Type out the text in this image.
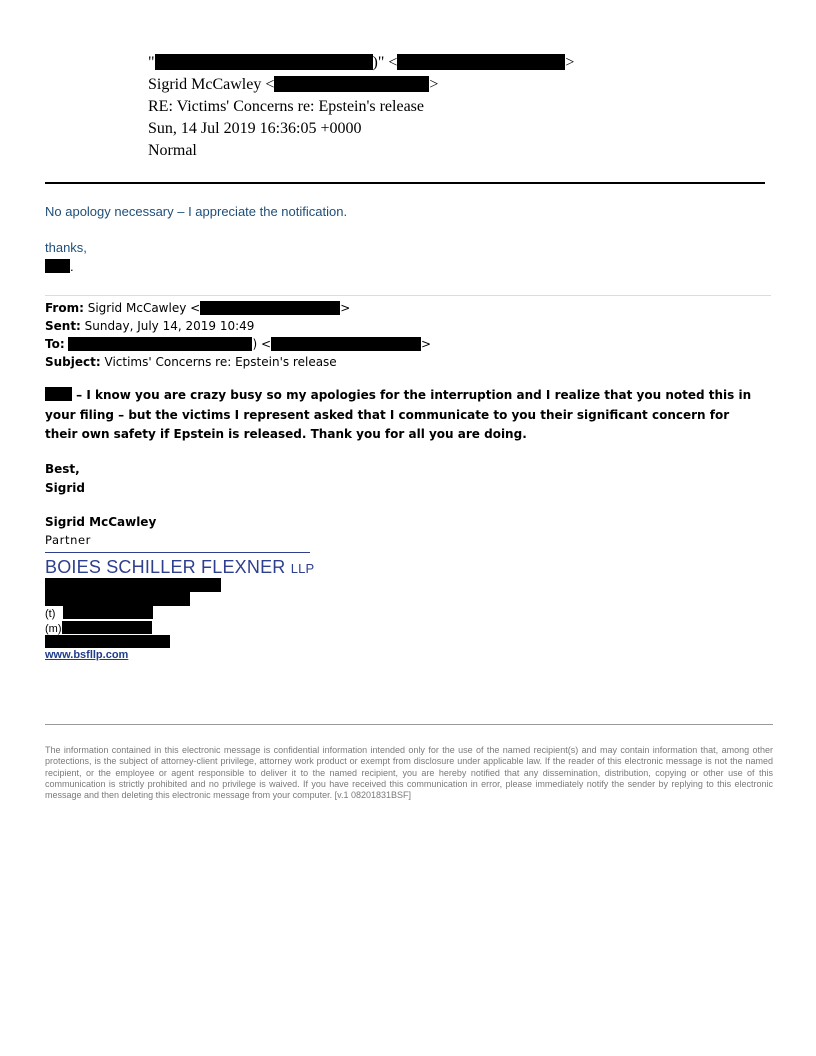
"	)" <	>
Sigrid McCawley <	>
RE: Victims' Concerns re: Epstein's release
Sun, 14 Jul 2019 16:36:05 +0000
Normal
No apology necessary – I appreciate the notification.
thanks,
.
From: Sigrid McCawley <	>
Sent: Sunday, July 14, 2019 10:49
To:	) <	>
Subject: Victims' Concerns re: Epstein's release
– I know you are crazy busy so my apologies for the interruption and I realize that you noted this in your filing – but the victims I represent asked that I communicate to you their significant concern for their own safety if Epstein is released. Thank you for all you are doing.
Best,
Sigrid
Sigrid McCawley
Partner
BOIES SCHILLER FLEXNER LLP
(t)
(m)
www.bsfllp.com
The information contained in this electronic message is confidential information intended only for the use of the named recipient(s) and may contain information that, among other protections, is the subject of attorney-client privilege, attorney work product or exempt from disclosure under applicable law. If the reader of this electronic message is not the named recipient, or the employee or agent responsible to deliver it to the named recipient, you are hereby notified that any dissemination, distribution, copying or other use of this communication is strictly prohibited and no privilege is waived. If you have received this communication in error, please immediately notify the sender by replying to this electronic message and then deleting this electronic message from your computer. [v.1 08201831BSF]
